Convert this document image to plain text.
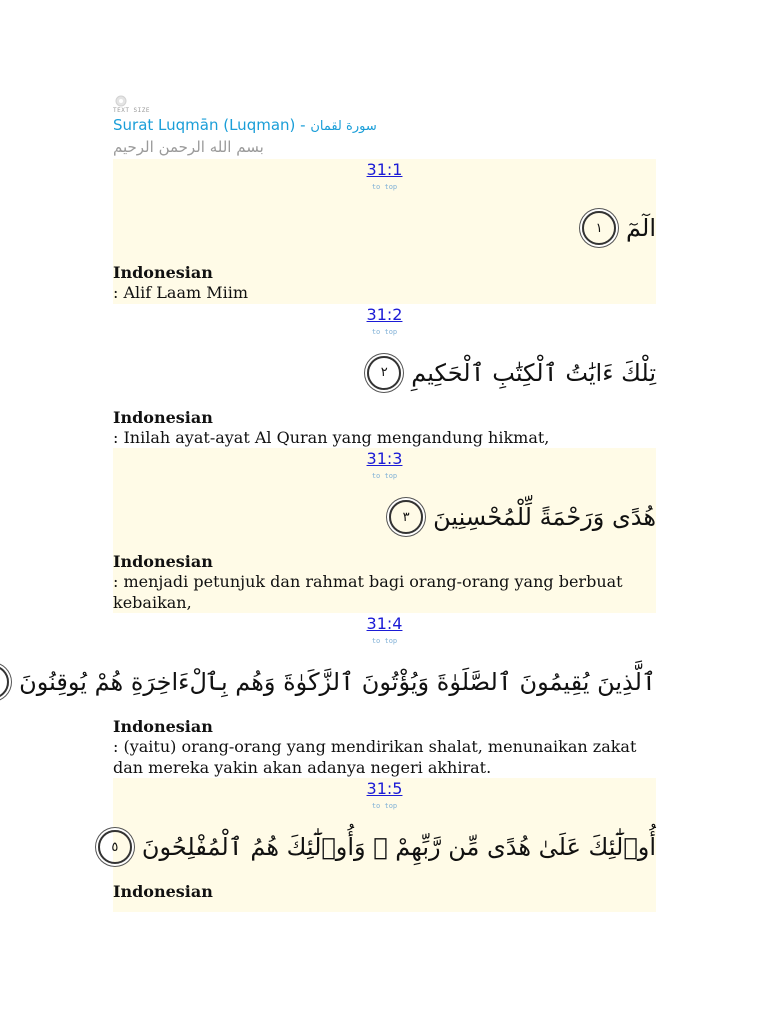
TEXT SIZE
Surat Luqmān (Luqman) - سورة لقمان
بسم الله الرحمن الرحيم
31:1
to top
الٓمٓ
١
Indonesian
: Alif Laam Miim
31:2
to top
تِلْكَ ءَايَٰتُ ٱلْكِتَٰبِ ٱلْحَكِيمِ
٢
Indonesian
: Inilah ayat-ayat Al Quran yang mengandung hikmat,
31:3
to top
هُدًى وَرَحْمَةً لِّلْمُحْسِنِينَ
٣
Indonesian
: menjadi petunjuk dan rahmat bagi orang-orang yang berbuat kebaikan,
31:4
to top
ٱلَّذِينَ يُقِيمُونَ ٱلصَّلَوٰةَ وَيُؤْتُونَ ٱلزَّكَوٰةَ وَهُم بِٱلْءَاخِرَةِ هُمْ يُوقِنُونَ
Indonesian
: (yaitu) orang-orang yang mendirikan shalat, menunaikan zakat dan mereka yakin akan adanya negeri akhirat.
31:5
to top
أُو۟لَٰٓئِكَ عَلَىٰ هُدًى مِّن رَّبِّهِمْ ۖ وَأُو۟لَٰٓئِكَ هُمُ ٱلْمُفْلِحُونَ
٥
Indonesian
